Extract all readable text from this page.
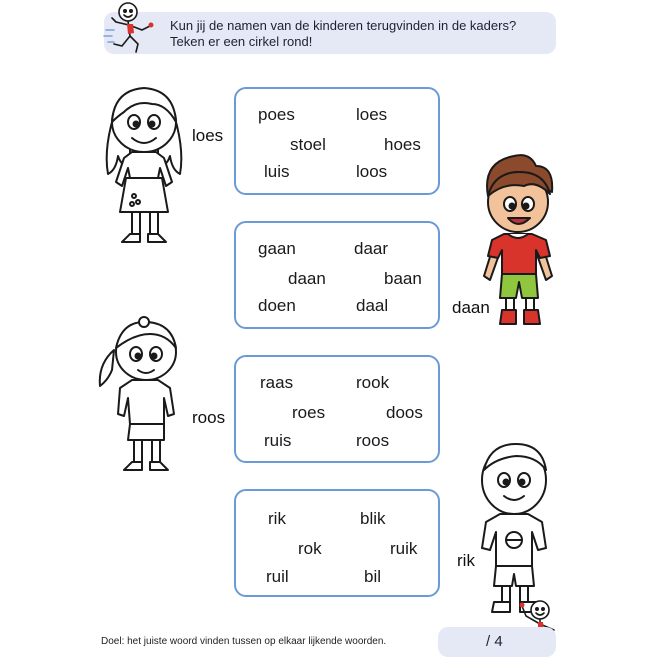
Kun jij de namen van de kinderen terugvinden in de kaders?
Teken er een cirkel rond!
poes	loes
stoel	hoes
luis	loos
gaan	daar
daan	baan
doen	daal
raas	rook
roes	doos
ruis	roos
rik	blik
rok	ruik
ruil	bil
loes
daan
roos
rik
Doel: het juiste woord vinden tussen op elkaar lijkende woorden.	/ 4
